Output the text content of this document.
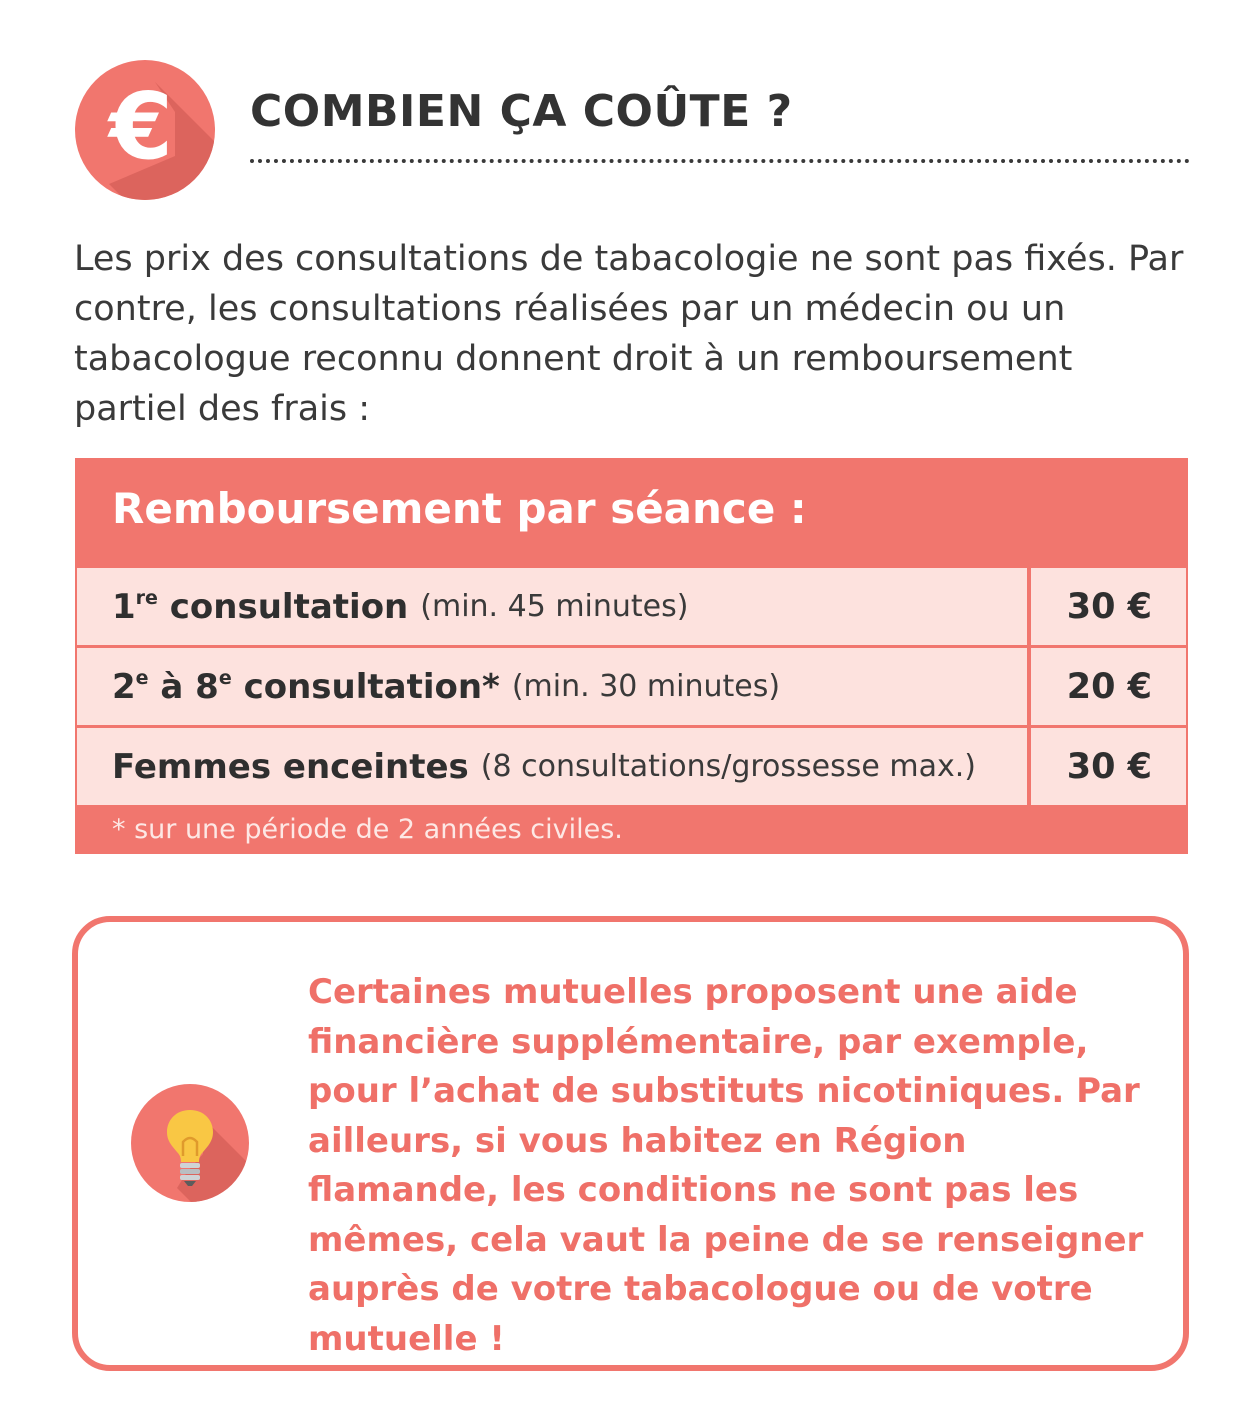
€ COMBIEN ÇA COÛTE ?

Les prix des consultations de tabacologie ne sont pas fixés. Par contre, les consultations réalisées par un médecin ou un tabacologue reconnu donnent droit à un remboursement partiel des frais :

Remboursement par séance :
1re consultation (min. 45 minutes)	30 €
2e à 8e consultation* (min. 30 minutes)	20 €
Femmes enceintes (8 consultations/grossesse max.)	30 €
* sur une période de 2 années civiles.

Certaines mutuelles proposent une aide financière supplémentaire, par exemple, pour l’achat de substituts nicotiniques. Par ailleurs, si vous habitez en Région flamande, les conditions ne sont pas les mêmes, cela vaut la peine de se renseigner auprès de votre tabacologue ou de votre mutuelle !
